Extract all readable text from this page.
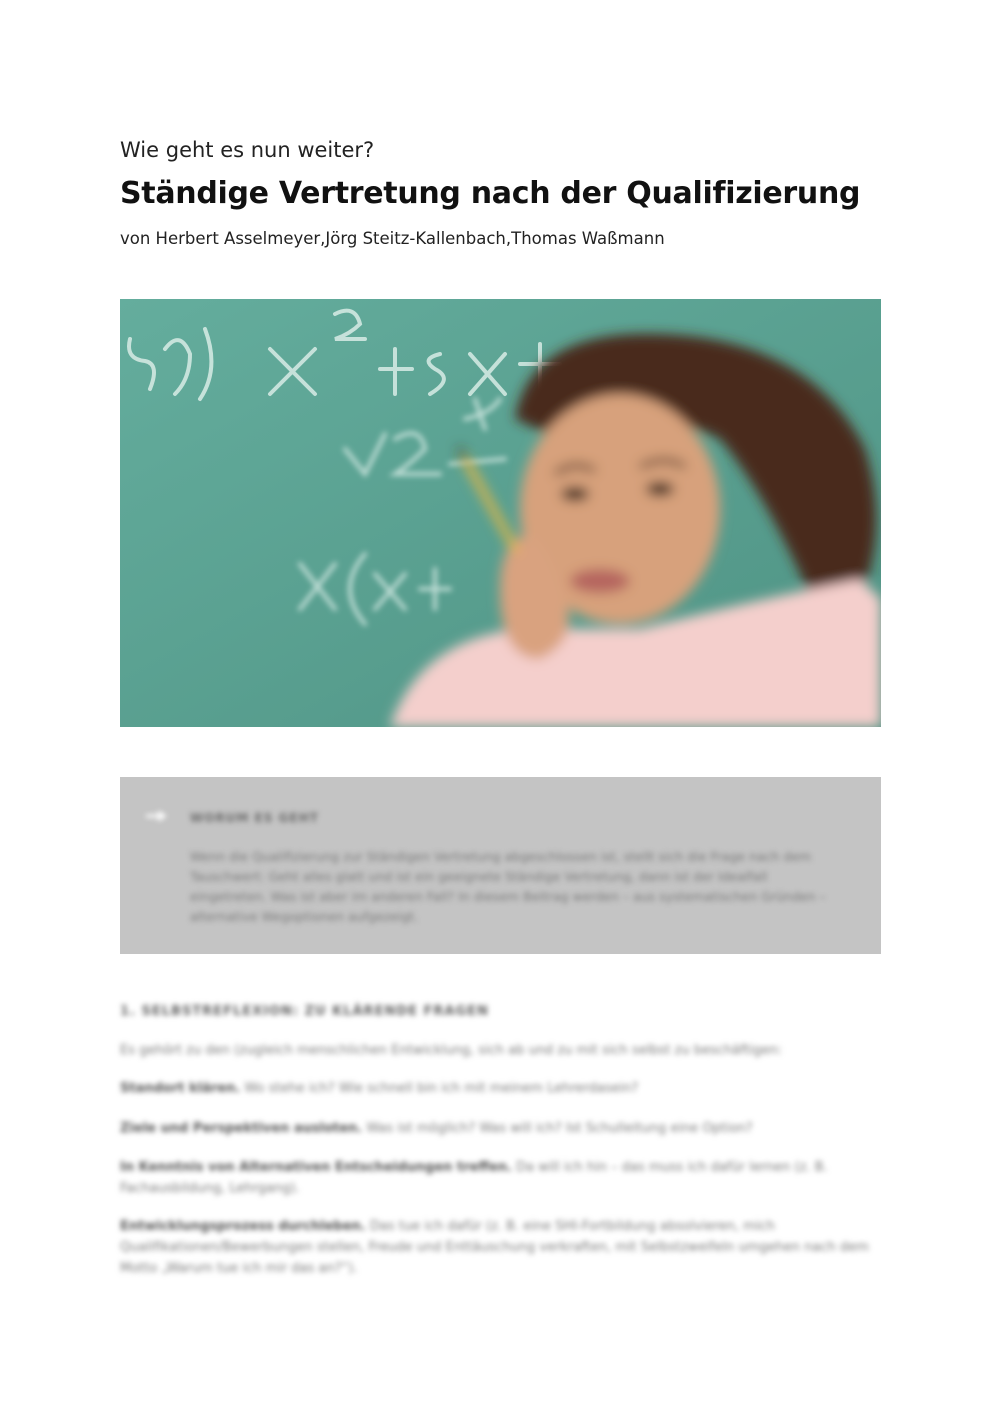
Wie geht es nun weiter?
Ständige Vertretung nach der Qualifizierung
von Herbert Asselmeyer,Jörg Steitz-Kallenbach,Thomas Waßmann
WORUM ES GEHT
Wenn die Qualifizierung zur Ständigen Vertretung abgeschlossen ist, stellt sich die Frage nach dem Tauschwert: Geht alles glatt und ist ein geeignete Ständige Vertretung, dann ist der Idealfall eingetreten. Was ist aber im anderen Fall? In diesem Beitrag werden – aus systematischen Gründen – alternative Wegoptionen aufgezeigt.
1. SELBSTREFLEXION: ZU KLÄRENDE FRAGEN
Es gehört zu den (zugleich menschlichen Entwicklung, sich ab und zu mit sich selbst zu beschäftigen:
Standort klären. Wo stehe ich? Wie schnell bin ich mit meinem Lehrerdasein?
Ziele und Perspektiven ausloten. Was ist möglich? Was will ich? Ist Schulleitung eine Option?
In Kenntnis von Alternativen Entscheidungen treffen. Da will ich hin – das muss ich dafür lernen (z. B. Fachausbildung, Lehrgang).
Entwicklungsprozess durchleben. Das tue ich dafür (z. B. eine SHI-Fortbildung absolvieren, mich Qualifikationen/Bewerbungen stellen, Freude und Enttäuschung verkraften, mit Selbstzweifeln umgehen nach dem Motto „Warum tue ich mir das an?“).
